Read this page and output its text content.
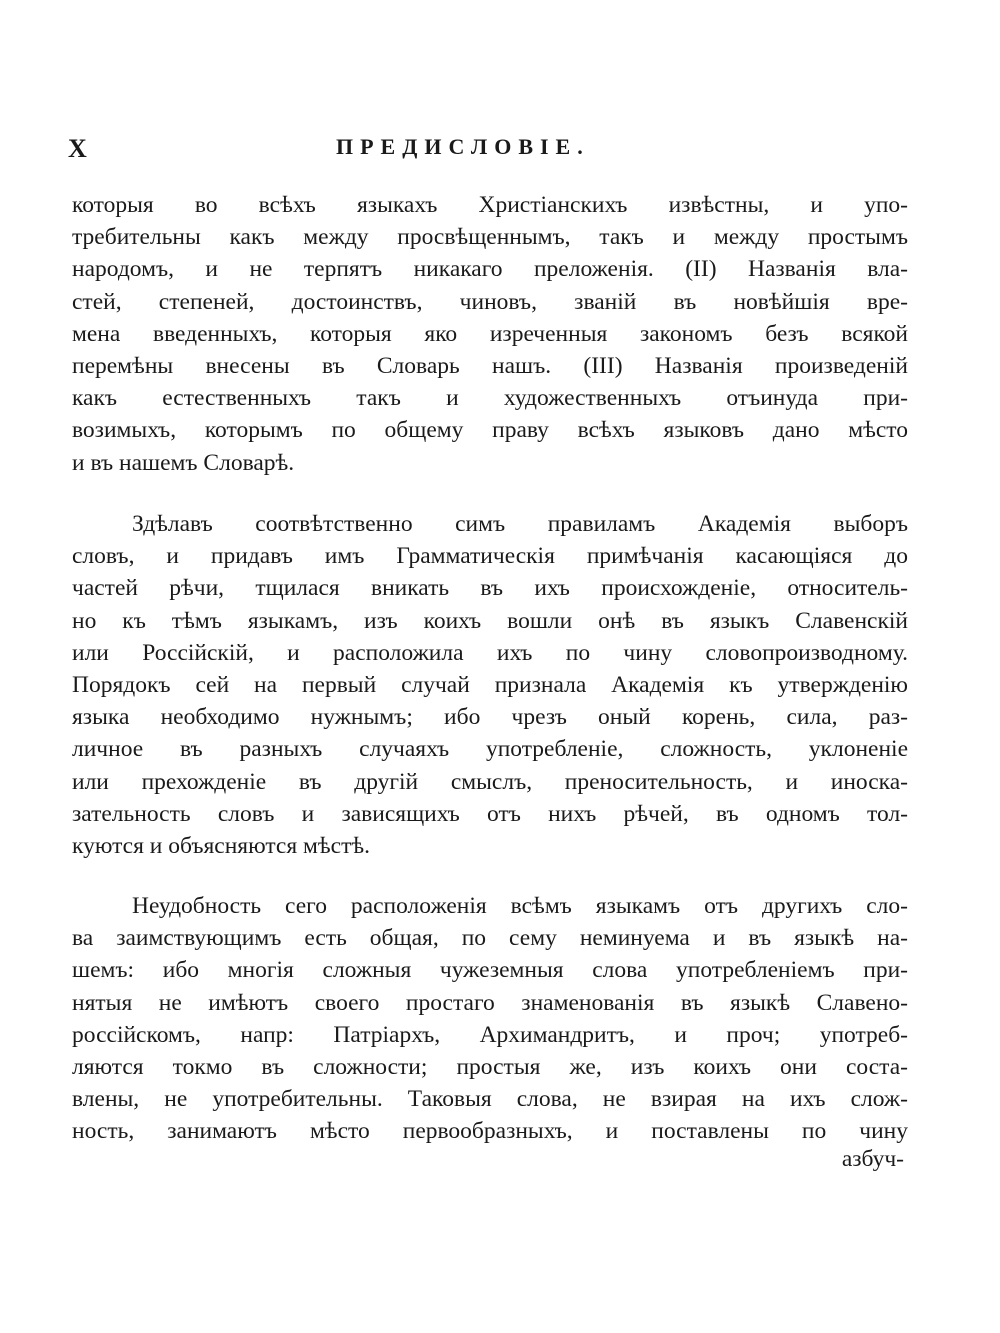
X	ПРЕДИСЛОВIЕ.
которыя во всѣхъ языкахъ Христiанскихъ извѣстны, и упо-
требительны какъ между просвѣщеннымъ, такъ и между простымъ
народомъ, и не терпятъ никакаго преложенiя. (II) Названiя вла-
стей, степеней, достоинствъ, чиновъ, званiй въ новѣйшiя вре-
мена введенныхъ, которыя яко изреченныя закономъ безъ всякой
перемѣны внесены въ Словарь нашъ. (III) Названiя произведенiй
какъ естественныхъ такъ и художественныхъ отъинуда при-
возимыхъ, которымъ по общему праву всѣхъ языковъ дано мѣсто
и въ нашемъ Словарѣ.
Здѣлавъ соотвѣтственно симъ правиламъ Академiя выборъ
словъ, и придавъ имъ Грамматическiя примѣчанiя касающiяся до
частей рѣчи, тщилася вникать въ ихъ происхожденiе, относитель-
но къ тѣмъ языкамъ, изъ коихъ вошли онѣ въ языкъ Славенскiй
или Россiйскiй, и расположила ихъ по чину словопроизводному.
Порядокъ сей на первый случай признала Академiя къ утвержденiю
языка необходимо нужнымъ; ибо чрезъ оный корень, сила, раз-
личное въ разныхъ случаяхъ употребленiе, сложность, уклоненiе
или прехожденiе въ другiй смыслъ, преносительность, и иноска-
зательность словъ и зависящихъ отъ нихъ рѣчей, въ одномъ тол-
куются и объясняются мѣстѣ.
Неудобность сего расположенiя всѣмъ языкамъ отъ другихъ сло-
ва заимствующимъ есть общая, по сему неминуема и въ языкѣ на-
шемъ: ибо многiя сложныя чужеземныя слова употребленiемъ при-
нятыя не имѣютъ своего простаго знаменованiя въ языкѣ Славено-
россiйскомъ, напр: Патрiархъ, Архимандритъ, и проч; употреб-
ляются токмо въ сложности; простыя же, изъ коихъ они соста-
влены, не употребительны. Таковыя слова, не взирая на ихъ слож-
ность, занимаютъ мѣсто первообразныхъ, и поставлены по чину
азбуч-
